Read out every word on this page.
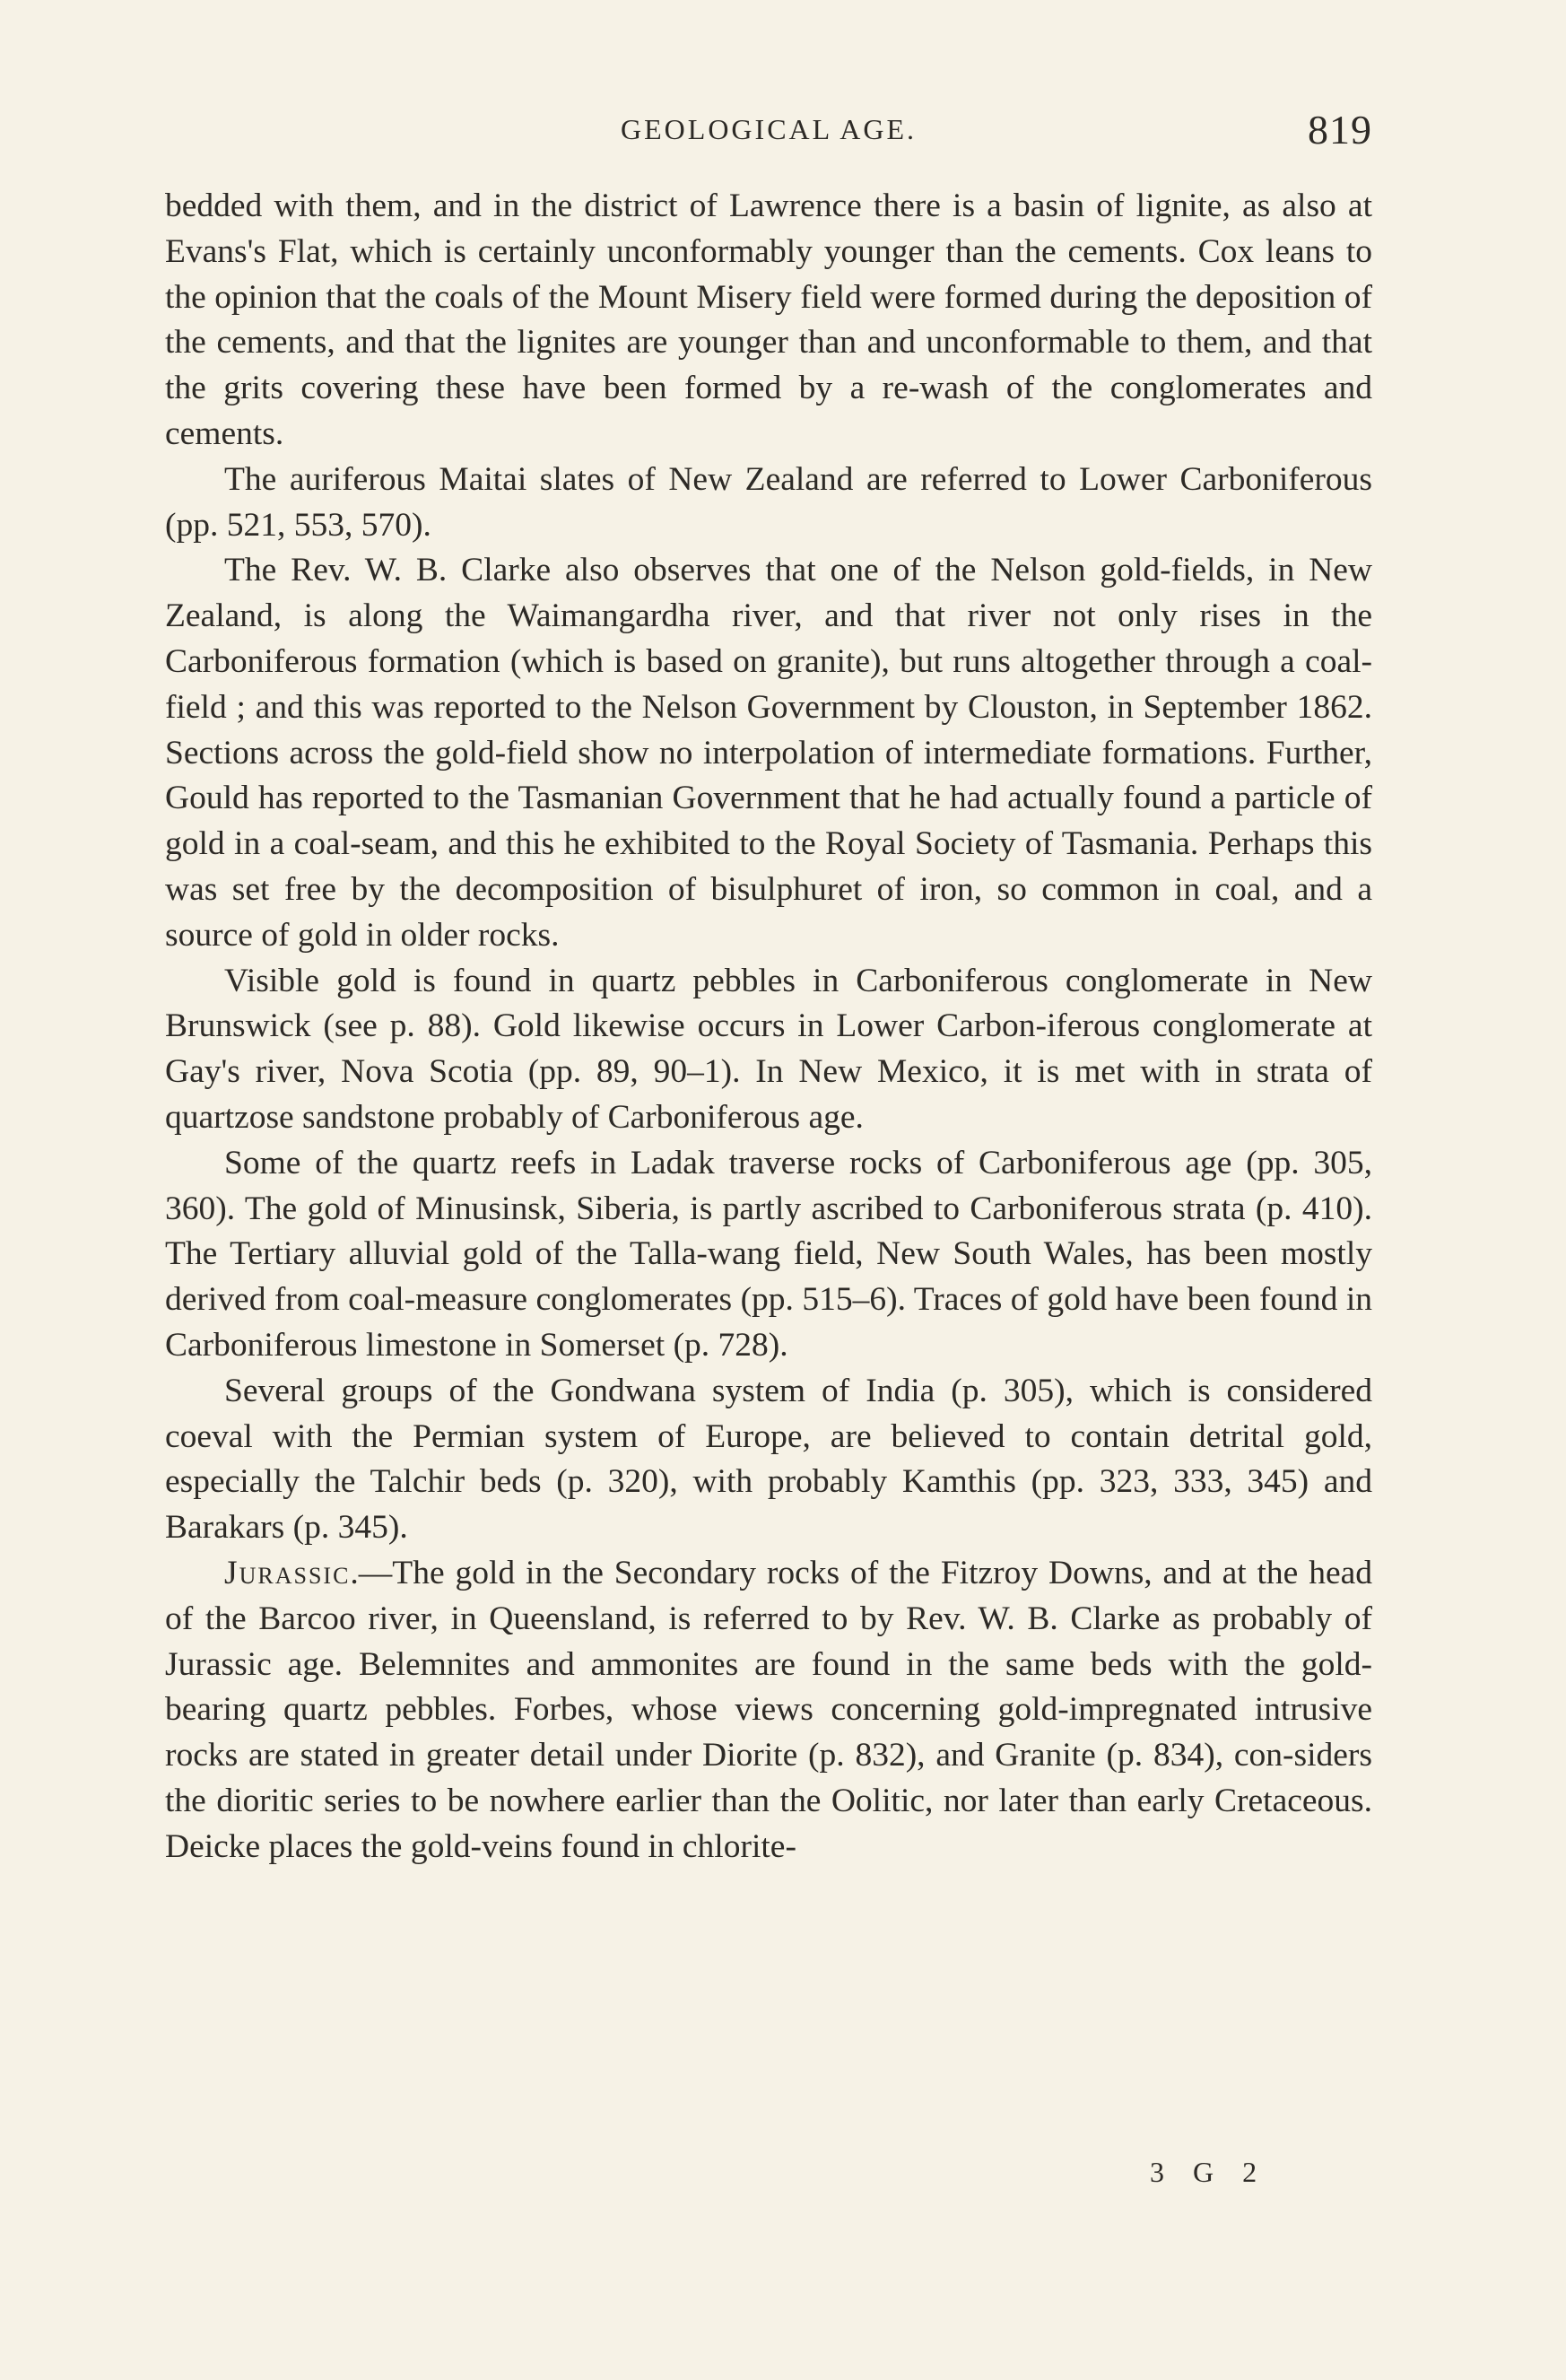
GEOLOGICAL AGE.	819

bedded with them, and in the district of Lawrence there is a basin of lignite, as also at Evans's Flat, which is certainly unconformably younger than the cements. Cox leans to the opinion that the coals of the Mount Misery field were formed during the deposition of the cements, and that the lignites are younger than and unconformable to them, and that the grits covering these have been formed by a re-wash of the conglomerates and cements.

The auriferous Maitai slates of New Zealand are referred to Lower Carboniferous (pp. 521, 553, 570).

The Rev. W. B. Clarke also observes that one of the Nelson gold-fields, in New Zealand, is along the Waimangardha river, and that river not only rises in the Carboniferous formation (which is based on granite), but runs altogether through a coal-field ; and this was reported to the Nelson Government by Clouston, in September 1862. Sections across the gold-field show no interpolation of intermediate formations. Further, Gould has reported to the Tasmanian Government that he had actually found a particle of gold in a coal-seam, and this he exhibited to the Royal Society of Tasmania. Perhaps this was set free by the decomposition of bisulphuret of iron, so common in coal, and a source of gold in older rocks.

Visible gold is found in quartz pebbles in Carboniferous conglomerate in New Brunswick (see p. 88). Gold likewise occurs in Lower Carbon-iferous conglomerate at Gay's river, Nova Scotia (pp. 89, 90–1). In New Mexico, it is met with in strata of quartzose sandstone probably of Carboniferous age.

Some of the quartz reefs in Ladak traverse rocks of Carboniferous age (pp. 305, 360). The gold of Minusinsk, Siberia, is partly ascribed to Carboniferous strata (p. 410). The Tertiary alluvial gold of the Talla-wang field, New South Wales, has been mostly derived from coal-measure conglomerates (pp. 515–6). Traces of gold have been found in Carboniferous limestone in Somerset (p. 728).

Several groups of the Gondwana system of India (p. 305), which is considered coeval with the Permian system of Europe, are believed to contain detrital gold, especially the Talchir beds (p. 320), with probably Kamthis (pp. 323, 333, 345) and Barakars (p. 345).

Jurassic.—The gold in the Secondary rocks of the Fitzroy Downs, and at the head of the Barcoo river, in Queensland, is referred to by Rev. W. B. Clarke as probably of Jurassic age. Belemnites and ammonites are found in the same beds with the gold-bearing quartz pebbles. Forbes, whose views concerning gold-impregnated intrusive rocks are stated in greater detail under Diorite (p. 832), and Granite (p. 834), con-siders the dioritic series to be nowhere earlier than the Oolitic, nor later than early Cretaceous. Deicke places the gold-veins found in chlorite-

3 G 2
